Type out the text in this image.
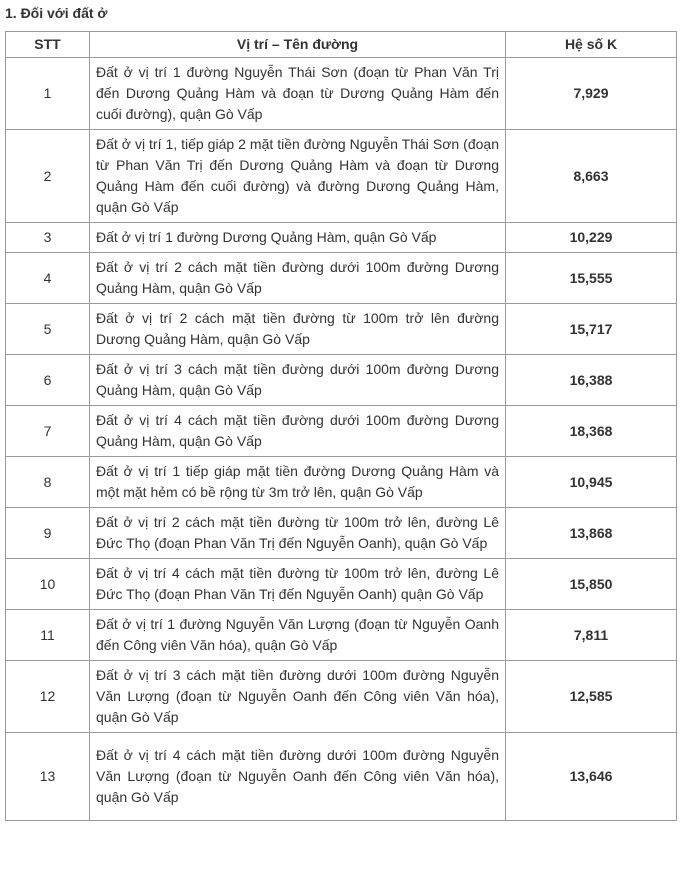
1. Đối với đất ở
STT	Vị trí – Tên đường	Hệ số K
1	Đất ở vị trí 1 đường Nguyễn Thái Sơn (đoạn từ Phan Văn Trị đến Dương Quảng Hàm và đoạn từ Dương Quảng Hàm đến cuối đường), quận Gò Vấp	7,929
2	Đất ở vị trí 1, tiếp giáp 2 mặt tiền đường Nguyễn Thái Sơn (đoạn từ Phan Văn Trị đến Dương Quảng Hàm và đoạn từ Dương Quảng Hàm đến cuối đường) và đường Dương Quảng Hàm, quận Gò Vấp	8,663
3	Đất ở vị trí 1 đường Dương Quảng Hàm, quận Gò Vấp	10,229
4	Đất ở vị trí 2 cách mặt tiền đường dưới 100m đường Dương Quảng Hàm, quận Gò Vấp	15,555
5	Đất ở vị trí 2 cách mặt tiền đường từ 100m trở lên đường Dương Quảng Hàm, quận Gò Vấp	15,717
6	Đất ở vị trí 3 cách mặt tiền đường dưới 100m đường Dương Quảng Hàm, quận Gò Vấp	16,388
7	Đất ở vị trí 4 cách mặt tiền đường dưới 100m đường Dương Quảng Hàm, quận Gò Vấp	18,368
8	Đất ở vị trí 1 tiếp giáp mặt tiền đường Dương Quảng Hàm và một mặt hẻm có bề rộng từ 3m trở lên, quận Gò Vấp	10,945
9	Đất ở vị trí 2 cách mặt tiền đường từ 100m trở lên, đường Lê Đức Thọ (đoạn Phan Văn Trị đến Nguyễn Oanh), quận Gò Vấp	13,868
10	Đất ở vị trí 4 cách mặt tiền đường từ 100m trở lên, đường Lê Đức Thọ (đoạn Phan Văn Trị đến Nguyễn Oanh) quận Gò Vấp	15,850
11	Đất ở vị trí 1 đường Nguyễn Văn Lượng (đoạn từ Nguyễn Oanh đến Công viên Văn hóa), quận Gò Vấp	7,811
12	Đất ở vị trí 3 cách mặt tiền đường dưới 100m đường Nguyễn Văn Lượng (đoạn từ Nguyễn Oanh đến Công viên Văn hóa), quận Gò Vấp	12,585
13	Đất ở vị trí 4 cách mặt tiền đường dưới 100m đường Nguyễn Văn Lượng (đoạn từ Nguyễn Oanh đến Công viên Văn hóa), quận Gò Vấp	13,646
